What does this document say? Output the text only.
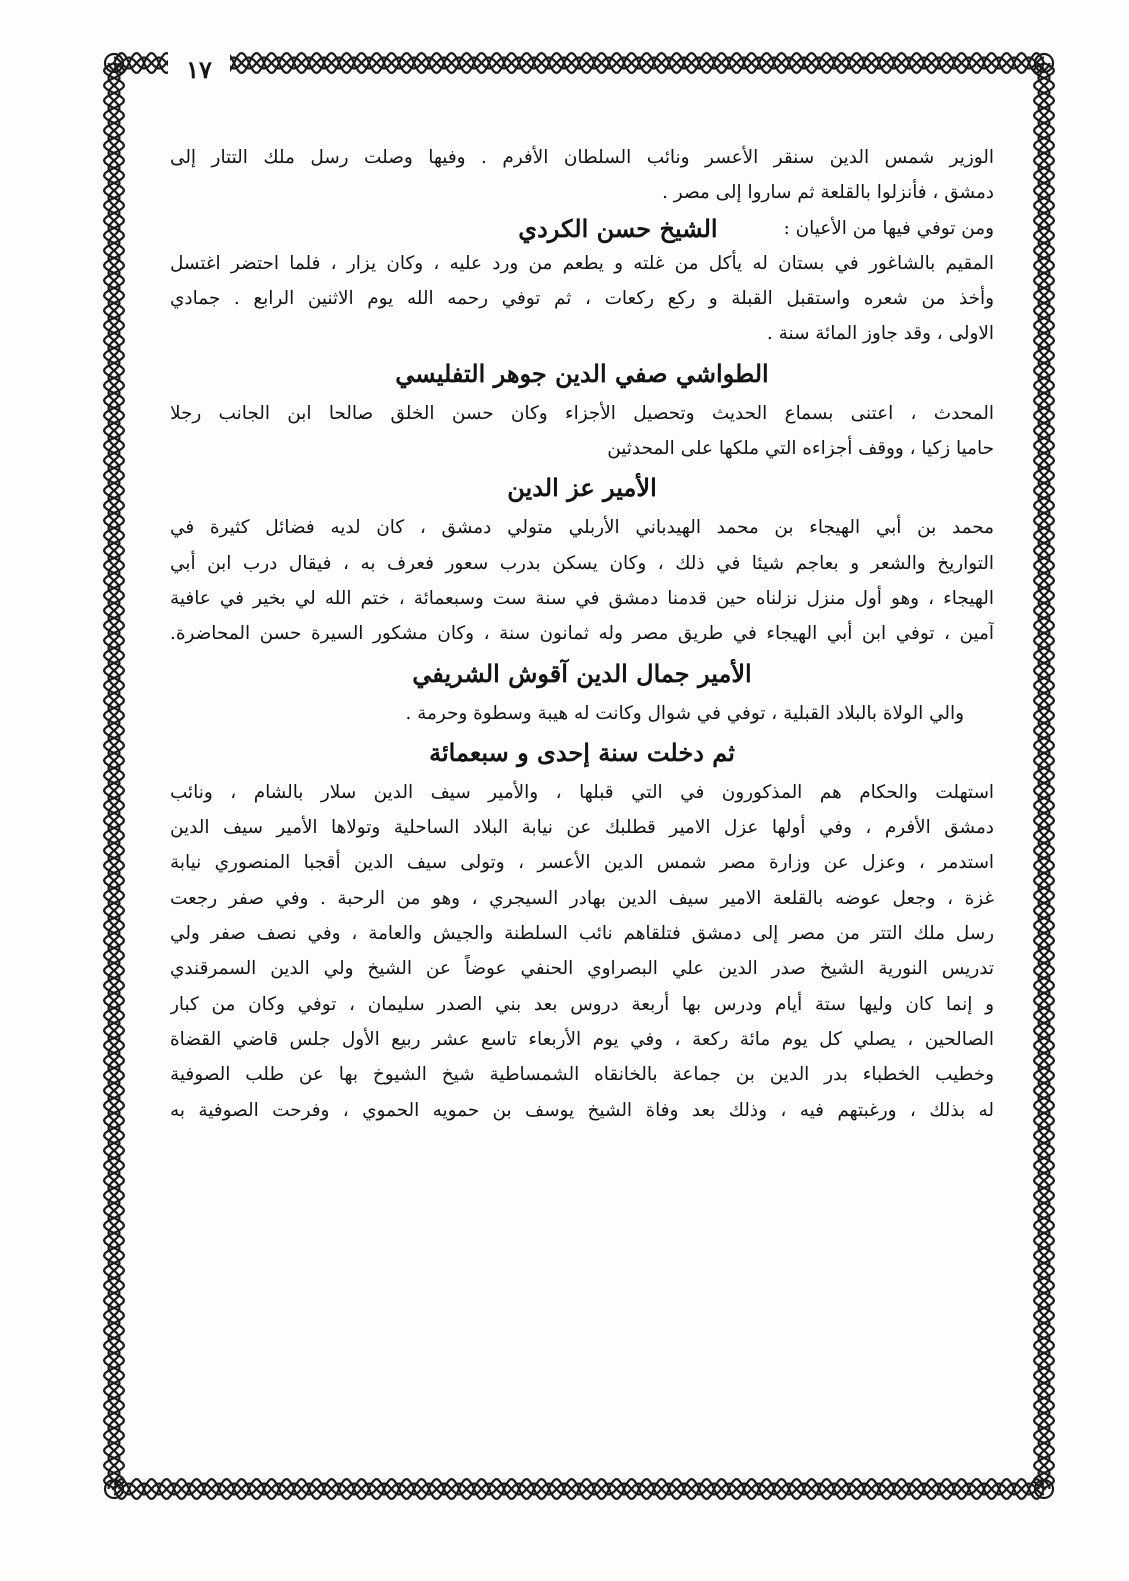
١٧
الوزير شمس الدين سنقر الأعسر ونائب السلطان الأفرم . وفيها وصلت رسل ملك التتار إلى
دمشق ، فأنزلوا بالقلعة ثم ساروا إلى مصر .
ومن توفي فيها من الأعيان :
الشيخ حسن الكردي
المقيم بالشاغور في بستان له يأكل من غلته و يطعم من ورد عليه ، وكان يزار ، فلما احتضر اغتسل
وأخذ من شعره واستقبل القبلة و ركع ركعات ، ثم توفي رحمه الله يوم الاثنين الرابع . جمادي
الاولى ، وقد جاوز المائة سنة .
الطواشي صفي الدين جوهر التفليسي
المحدث ، اعتنى بسماع الحديث وتحصيل الأجزاء وكان حسن الخلق صالحا ابن الجانب رجلا
حاميا زكيا ، ووقف أجزاءه التي ملكها على المحدثين
الأمير عز الدين
محمد بن أبي الهيجاء بن محمد الهيدباني الأربلي متولي دمشق ، كان لديه فضائل كثيرة في
التواريخ والشعر و بعاجم شيئا في ذلك ، وكان يسكن بدرب سعور فعرف به ، فيقال درب ابن أبي
الهيجاء ، وهو أول منزل نزلناه حين قدمنا دمشق في سنة ست وسبعمائة ، ختم الله لي بخير في عافية
آمين ، توفي ابن أبي الهيجاء في طريق مصر وله ثمانون سنة ، وكان مشكور السيرة حسن المحاضرة.
الأمير جمال الدين آقوش الشريفي
والي الولاة بالبلاد القبلية ، توفي في شوال وكانت له هيبة وسطوة وحرمة .
ثم دخلت سنة إحدى و سبعمائة
استهلت والحكام هم المذكورون في التي قبلها ، والأمير سيف الدين سلار بالشام ، ونائب
دمشق الأفرم ، وفي أولها عزل الامير قطلبك عن نيابة البلاد الساحلية وتولاها الأمير سيف الدين
استدمر ، وعزل عن وزارة مصر شمس الدين الأعسر ، وتولى سيف الدين أقجبا المنصوري نيابة
غزة ، وجعل عوضه بالقلعة الامير سيف الدين بهادر السيجري ، وهو من الرحبة . وفي صفر رجعت
رسل ملك التتر من مصر إلى دمشق فتلقاهم نائب السلطنة والجيش والعامة ، وفي نصف صفر ولي
تدريس النورية الشيخ صدر الدين علي البصراوي الحنفي عوضاً عن الشيخ ولي الدين السمرقندي
و إنما كان وليها ستة أيام ودرس بها أربعة دروس بعد بني الصدر سليمان ، توفي وكان من كبار
الصالحين ، يصلي كل يوم مائة ركعة ، وفي يوم الأربعاء تاسع عشر ربيع الأول جلس قاضي القضاة
وخطيب الخطباء بدر الدين بن جماعة بالخانقاه الشمساطية شيخ الشيوخ بها عن طلب الصوفية
له بذلك ، ورغبتهم فيه ، وذلك بعد وفاة الشيخ يوسف بن حمويه الحموي ، وفرحت الصوفية به
